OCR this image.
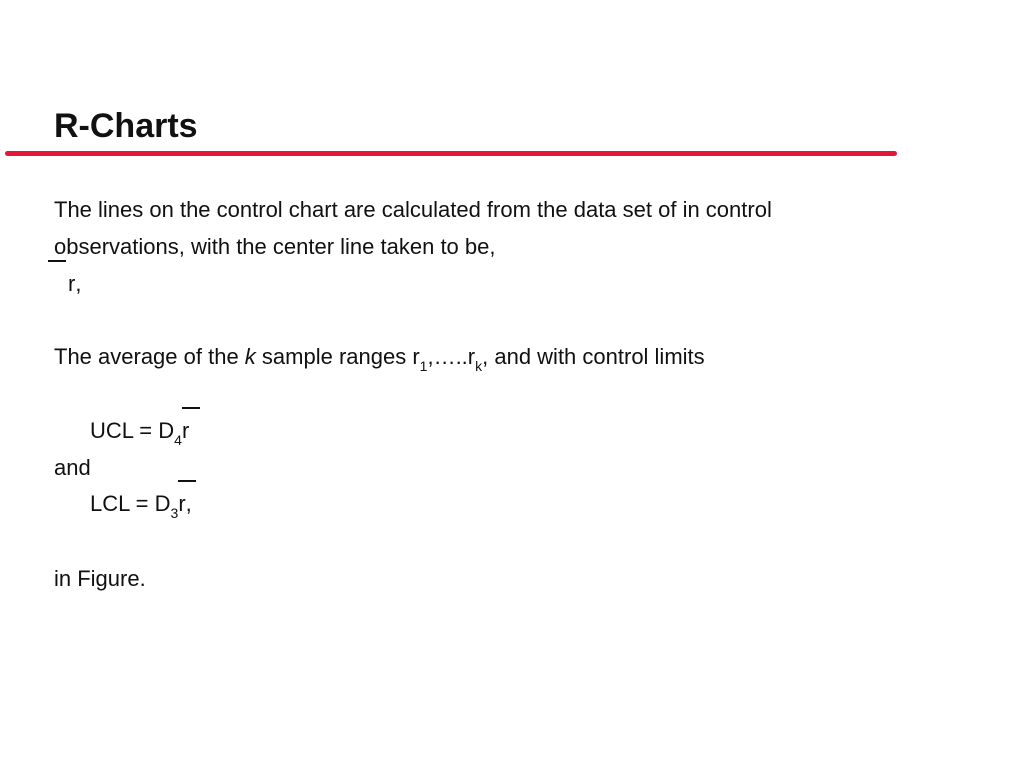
R-Charts
The lines on the control chart are calculated from the data set of in control
observations, with the center line taken to be,
r,
The average of the k sample ranges $r_1,\dots..r_k$, and with control limits
UCL = $D_4$
r
and
LCL = $D_3$
r,
in Figure.
